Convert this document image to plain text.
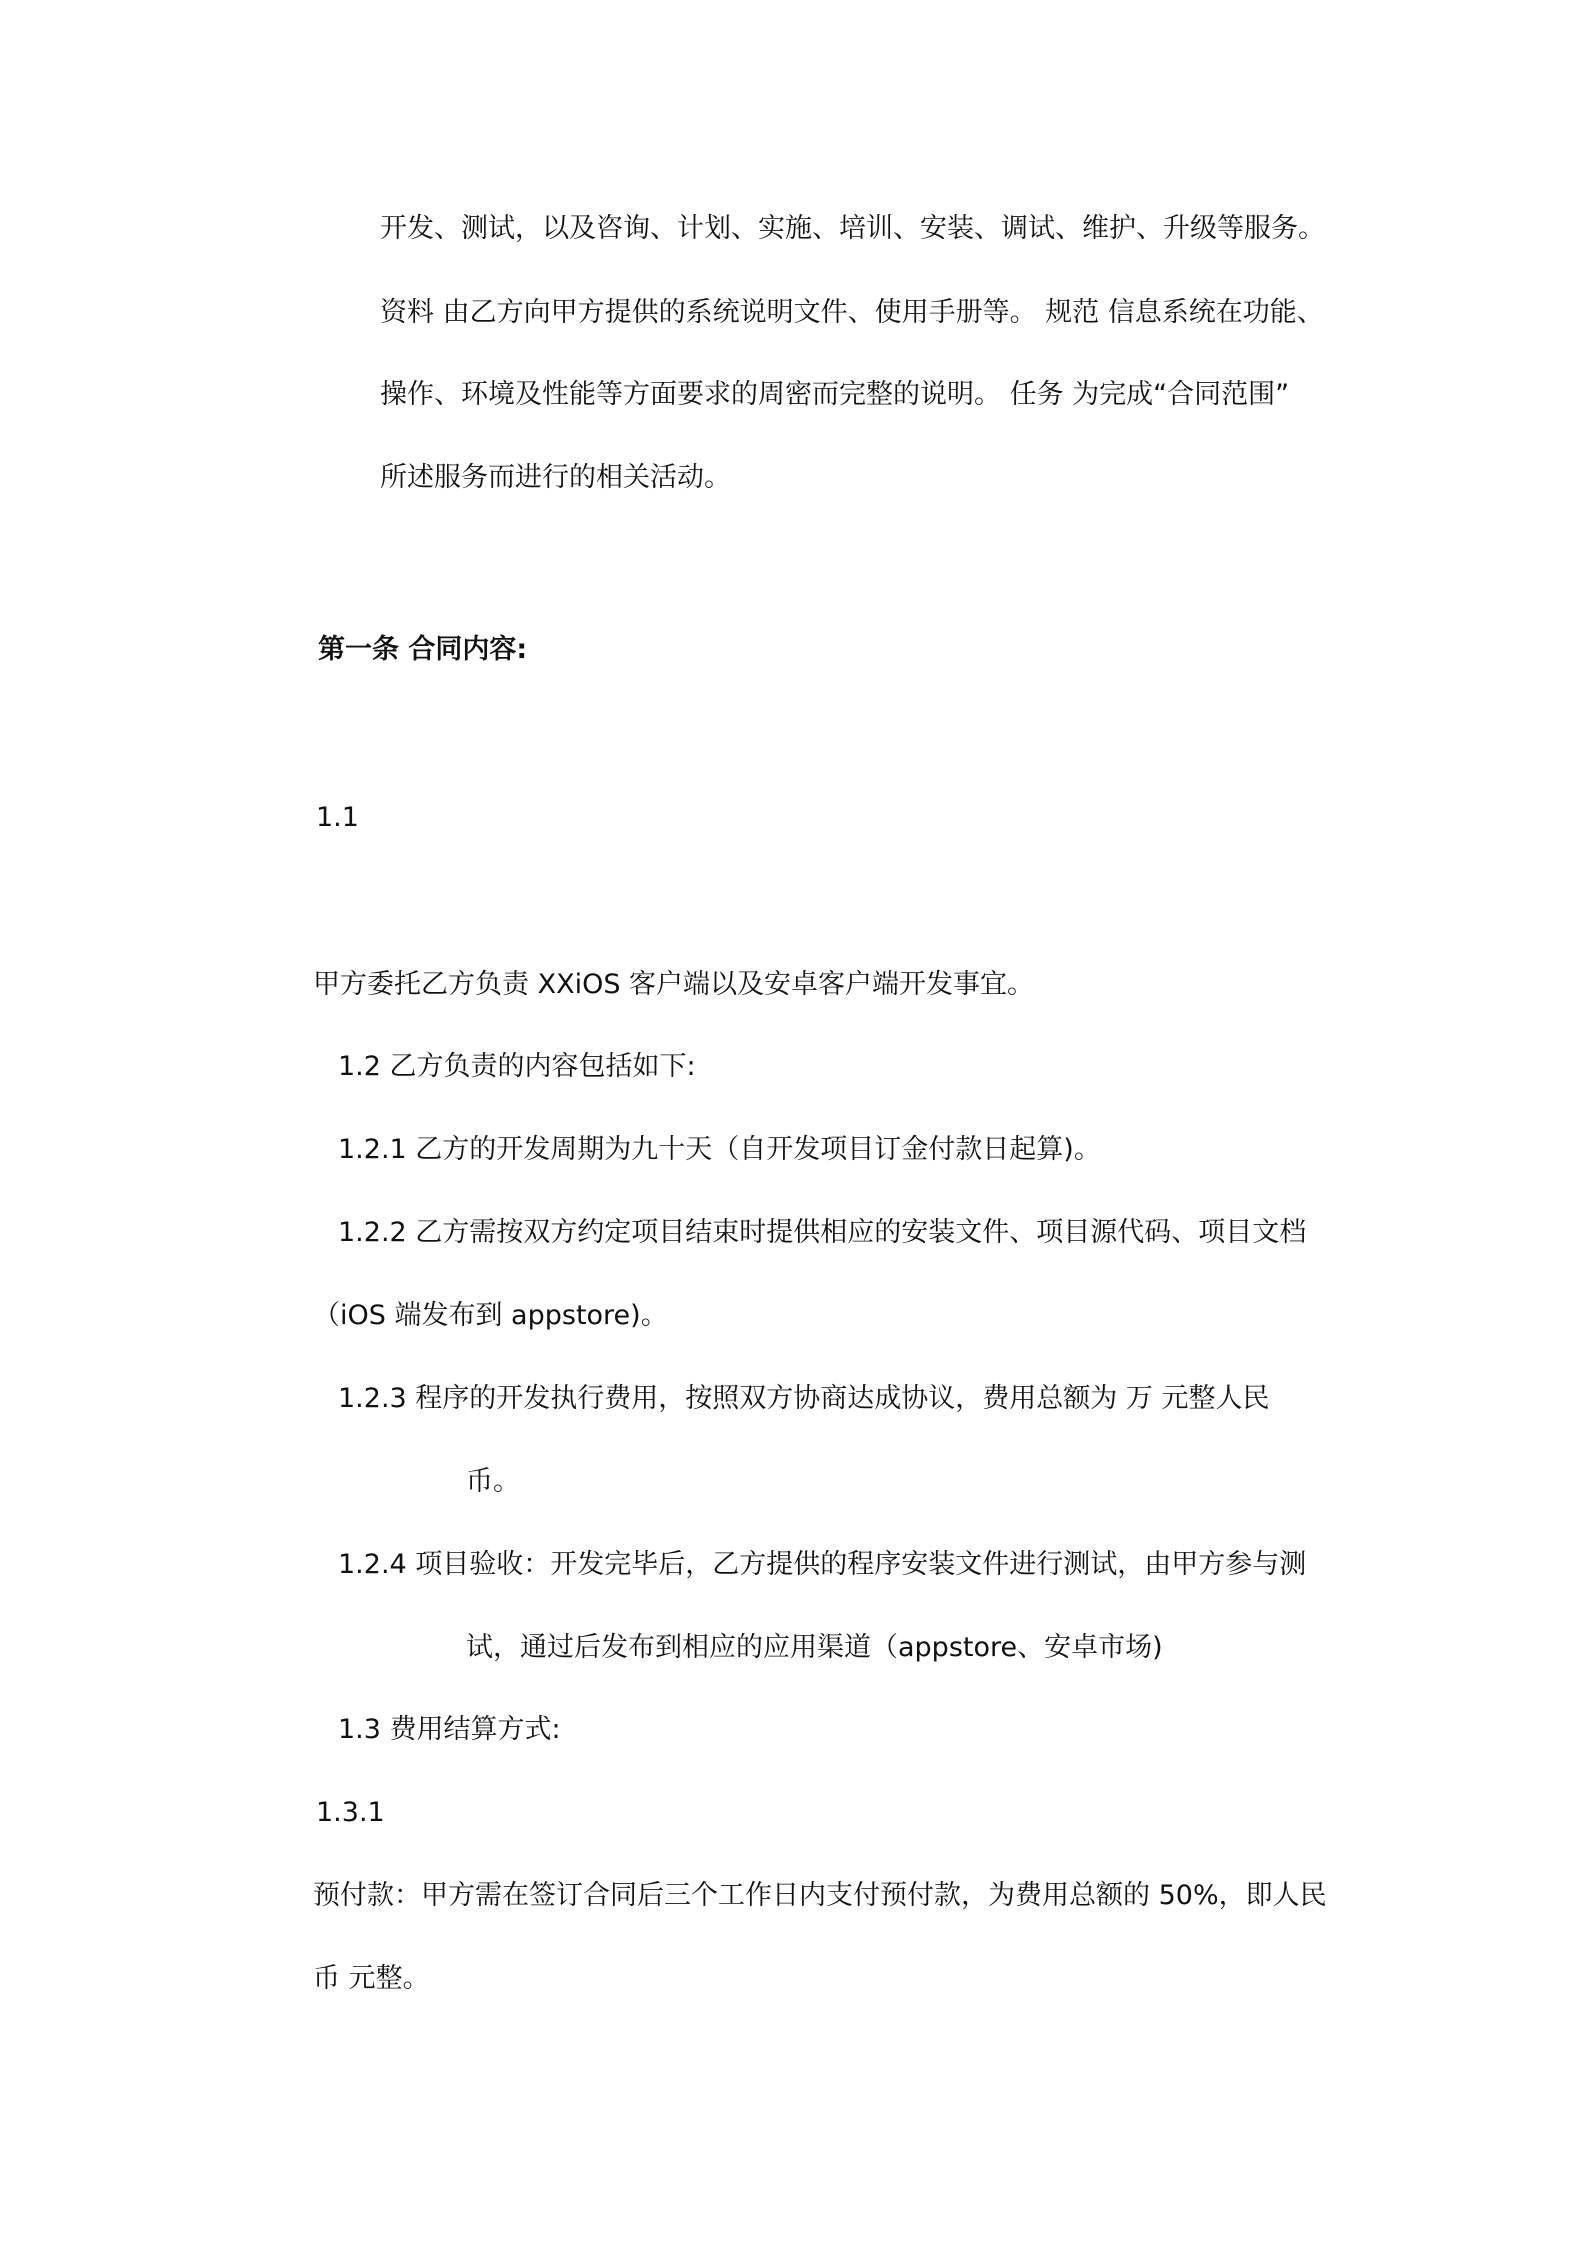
开发、测试，以及咨询、计划、实施、培训、安装、调试、维护、升级等服务。
资料 由乙方向甲方提供的系统说明文件、使用手册等。 规范 信息系统在功能、
操作、环境及性能等方面要求的周密而完整的说明。 任务 为完成“合同范围”
所述服务而进行的相关活动。
第一条 合同内容:
1.1
甲方委托乙方负责 XXiOS 客户端以及安卓客户端开发事宜。
1.2 乙方负责的内容包括如下:
1.2.1 乙方的开发周期为九十天（自开发项目订金付款日起算)。
1.2.2 乙方需按双方约定项目结束时提供相应的安装文件、项目源代码、项目文档
（iOS 端发布到 appstore)。
1.2.3 程序的开发执行费用，按照双方协商达成协议，费用总额为 万 元整人民
币。
1.2.4 项目验收：开发完毕后，乙方提供的程序安装文件进行测试，由甲方参与测
试，通过后发布到相应的应用渠道（appstore、安卓市场)
1.3 费用结算方式:
1.3.1
预付款：甲方需在签订合同后三个工作日内支付预付款，为费用总额的 50%，即人民
币 元整。
